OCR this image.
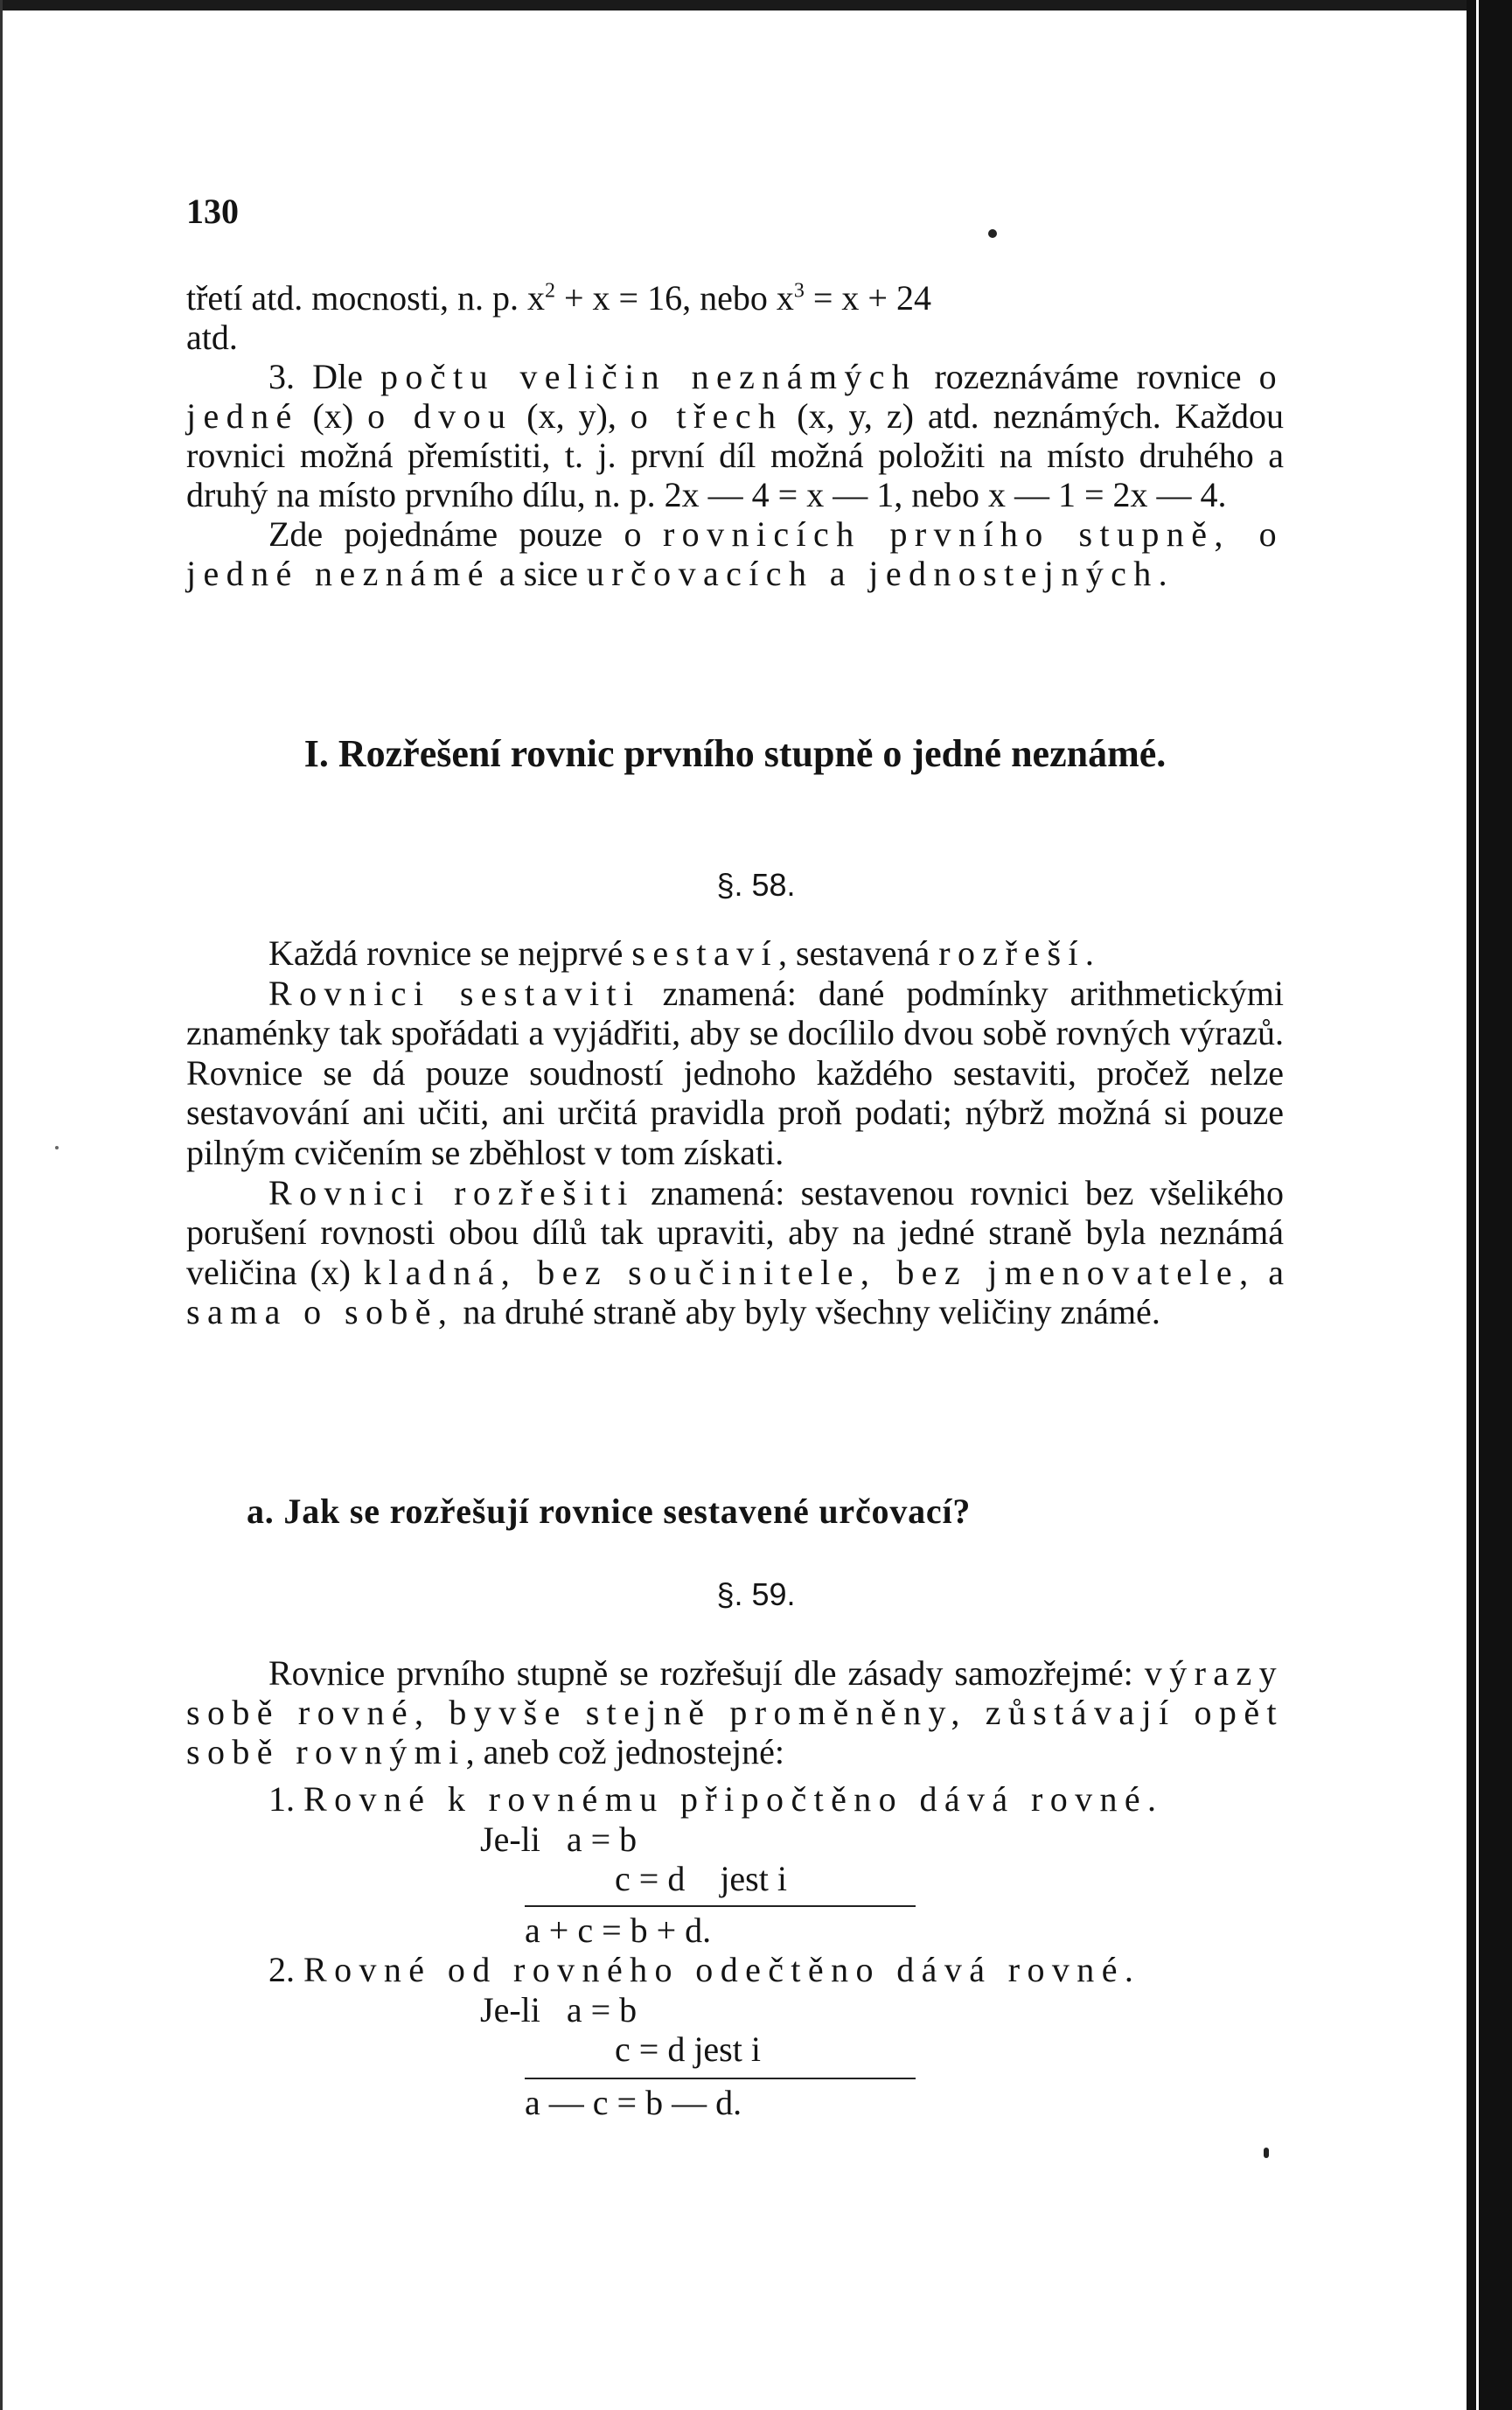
130

třetí atd. mocnosti, n. p. $x^2 + x = 16$, nebo $x^3 = x + 24$

atd.

3. Dle počtu veličin neznámých rozeznáváme rovnice o jedné (x) o dvou (x, y), o třech (x, y, z) atd. neznámých. Každou rovnici možná přemístiti, t. j. první díl možná položiti na místo druhého a druhý na místo prvního dílu, n. p. 2x — 4 = x — 1, nebo x — 1 = 2x — 4.

Zde pojednáme pouze o rovnicích prvního stupně, o jedné neznámé a sice určovacích a jednostejných.

I. Rozřešení rovnic prvního stupně o jedné neznámé.
§. 58.

Každá rovnice se nejprvé sestaví, sestavená rozřeší.

Rovnici sestaviti znamená: dané podmínky arithmetickými znaménky tak spořádati a vyjádřiti, aby se docílilo dvou sobě rovných výrazů. Rovnice se dá pouze soudností jednoho každého sestaviti, pročež nelze sestavování ani učiti, ani určitá pravidla proň podati; nýbrž možná si pouze pilným cvičením se zběhlost v tom získati.

Rovnici rozřešiti znamená: sestavenou rovnici bez všelikého porušení rovnosti obou dílů tak upraviti, aby na jedné straně byla neznámá veličina (x) kladná, bez součinitele, bez jmenovatele, a sama o sobě, na druhé straně aby byly všechny veličiny známé.

a. Jak se rozřešují rovnice sestavené určovací?
§. 59.

Rovnice prvního stupně se rozřešují dle zásady samozřejmé: výrazy sobě rovné, byvše stejně proměněny, zůstávají opět sobě rovnými, aneb což jednostejné:

1. Rovné k rovnému připočtěno dává rovné.

Je-li   a = b

c = d    jest i

a + c = b + d.

2. Rovné od rovného odečtěno dává rovné.

Je-li   a = b

c = d jest i

a — c = b — d.
